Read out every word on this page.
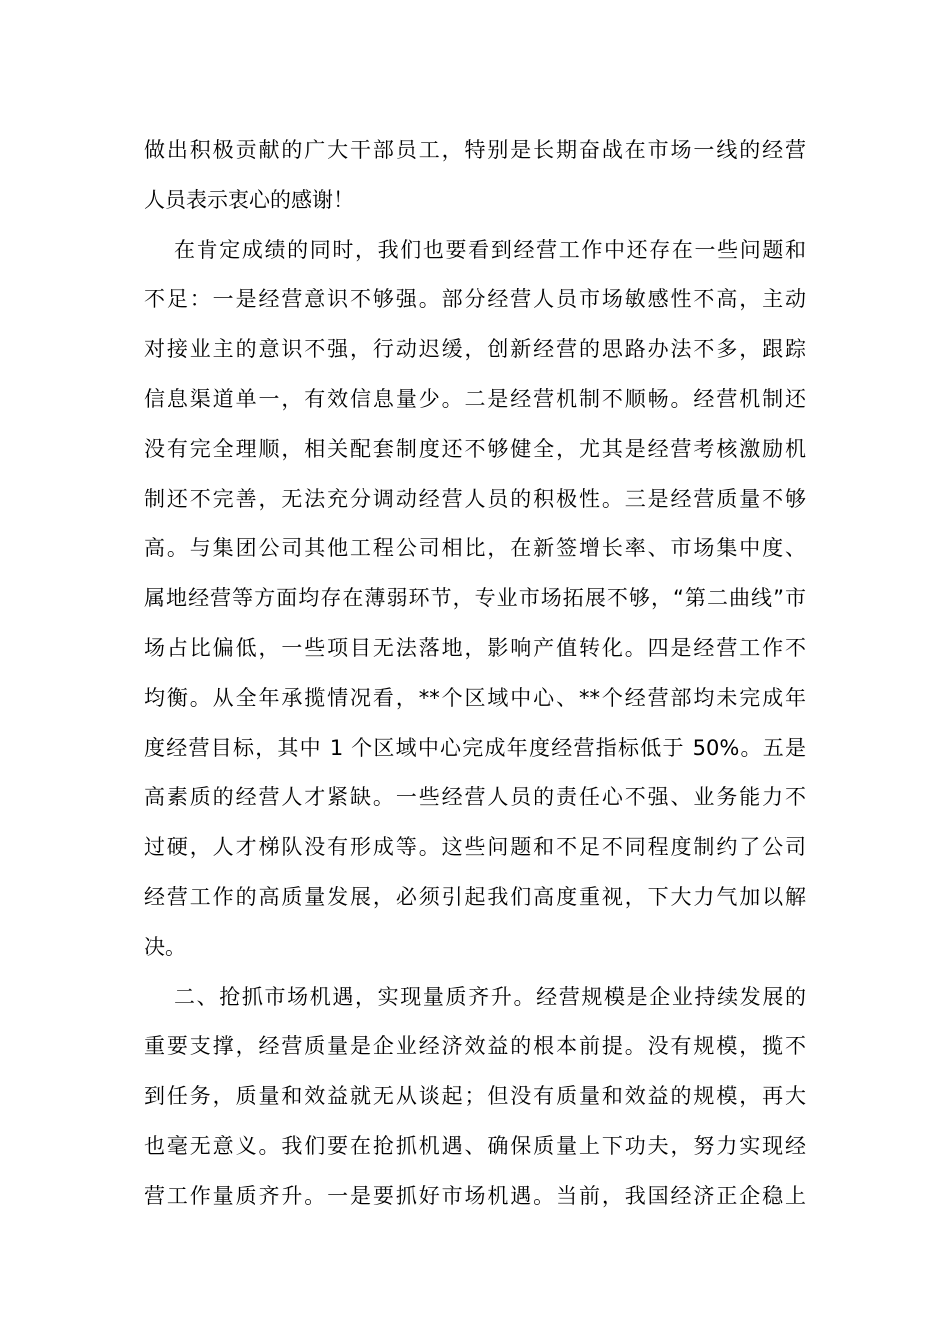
做出积极贡献的广大干部员工，特别是长期奋战在市场一线的经营
人员表示衷心的感谢！
在肯定成绩的同时，我们也要看到经营工作中还存在一些问题和
不足：一是经营意识不够强。部分经营人员市场敏感性不高，主动
对接业主的意识不强，行动迟缓，创新经营的思路办法不多，跟踪
信息渠道单一，有效信息量少。二是经营机制不顺畅。经营机制还
没有完全理顺，相关配套制度还不够健全，尤其是经营考核激励机
制还不完善，无法充分调动经营人员的积极性。三是经营质量不够
高。与集团公司其他工程公司相比，在新签增长率、市场集中度、
属地经营等方面均存在薄弱环节，专业市场拓展不够，“第二曲线”市
场占比偏低，一些项目无法落地，影响产值转化。四是经营工作不
均衡。从全年承揽情况看，**个区域中心、**个经营部均未完成年
度经营目标，其中 1 个区域中心完成年度经营指标低于 50%。五是
高素质的经营人才紧缺。一些经营人员的责任心不强、业务能力不
过硬，人才梯队没有形成等。这些问题和不足不同程度制约了公司
经营工作的高质量发展，必须引起我们高度重视，下大力气加以解
决。
二、抢抓市场机遇，实现量质齐升。经营规模是企业持续发展的
重要支撑，经营质量是企业经济效益的根本前提。没有规模，揽不
到任务，质量和效益就无从谈起；但没有质量和效益的规模，再大
也毫无意义。我们要在抢抓机遇、确保质量上下功夫，努力实现经
营工作量质齐升。一是要抓好市场机遇。当前，我国经济正企稳上
